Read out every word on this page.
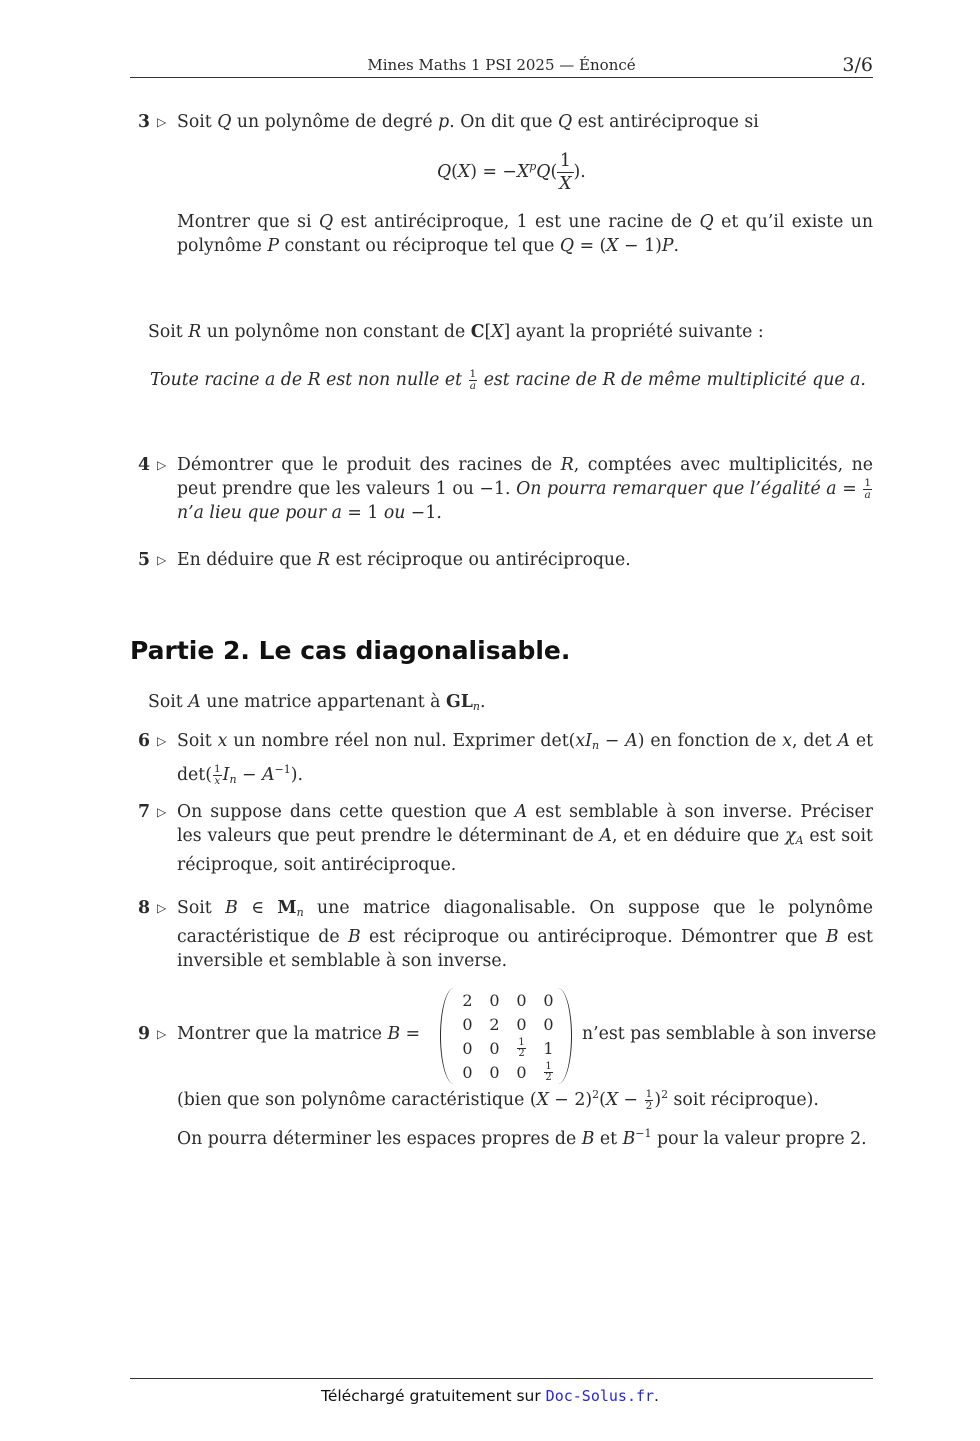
Mines Maths 1 PSI 2025 — Énoncé	3/6
3 ▷ Soit Q un polynôme de degré p. On dit que Q est antiréciproque si
$Q(X) = -X^pQ( \frac{1}{X}$ ).
Montrer que si Q est antiréciproque, 1 est une racine de Q et qu’il existe un polynôme P constant ou réciproque tel que Q = (X − 1)P.
Soit R un polynôme non constant de C[X] ayant la propriété suivante :
Toute racine a de R est non nulle et $\frac{1}{a}$ est racine de R de même multiplicité que a.
4 ▷ Démontrer que le produit des racines de R, comptées avec multiplicités, ne peut prendre que les valeurs 1 ou −1. On pourra remarquer que l’égalité $a = \frac{1}{a}$
n’a lieu que pour a = 1 ou −1.
5 ▷ En déduire que R est réciproque ou antiréciproque.
Partie 2. Le cas diagonalisable.
Soit A une matrice appartenant à $GL_n$.
6 ▷ Soit x un nombre réel non nul. Exprimer $\det(xI_n - A)$ en fonction de x, det A et $\det( \frac{1}{x} I_n - A^{-1})$.
7 ▷ On suppose dans cette question que A est semblable à son inverse. Préciser les valeurs que peut prendre le déterminant de A, et en déduire que $\chi_A$ est soit réciproque, soit antiréciproque.
8 ▷ Soit B ∈ $M_n$ une matrice diagonalisable. On suppose que le polynôme caractéristique de B est réciproque ou antiréciproque. Démontrer que B est inversible et semblable à son inverse.
9 ▷ Montrer que la matrice B =
2	0	0	0
0	2	0	0
0	0	$\frac{1}{2}$	1
0	0	0	$\frac{1}{2}$
n’est pas semblable à son inverse
(bien que son polynôme caractéristique $(X - 2)^2(X - \frac{1}{2} )^2$ soit réciproque).
On pourra déterminer les espaces propres de B et $B^{-1}$ pour la valeur propre 2.
Téléchargé gratuitement sur Doc-Solus.fr.
